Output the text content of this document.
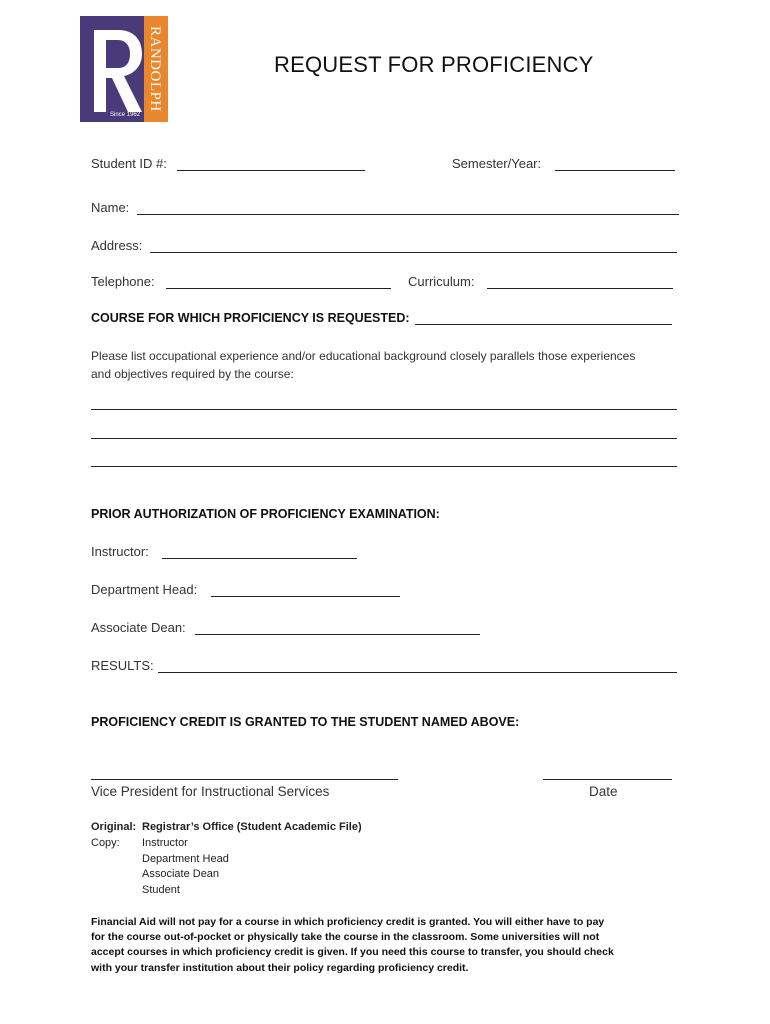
RANDOLPH
Since 1962
REQUEST FOR PROFICIENCY
Student ID #:	Semester/Year:
Name:
Address:
Telephone:	Curriculum:
COURSE FOR WHICH PROFICIENCY IS REQUESTED:
Please list occupational experience and/or educational background closely parallels those experiences
and objectives required by the course:
PRIOR AUTHORIZATION OF PROFICIENCY EXAMINATION:
Instructor:
Department Head:
Associate Dean:
RESULTS:
PROFICIENCY CREDIT IS GRANTED TO THE STUDENT NAMED ABOVE:
Vice President for Instructional Services	Date
Original: Registrar’s Office (Student Academic File)
Copy: Instructor
Department Head
Associate Dean
Student
Financial Aid will not pay for a course in which proficiency credit is granted. You will either have to pay
for the course out-of-pocket or physically take the course in the classroom. Some universities will not
accept courses in which proficiency credit is given. If you need this course to transfer, you should check
with your transfer institution about their policy regarding proficiency credit.
